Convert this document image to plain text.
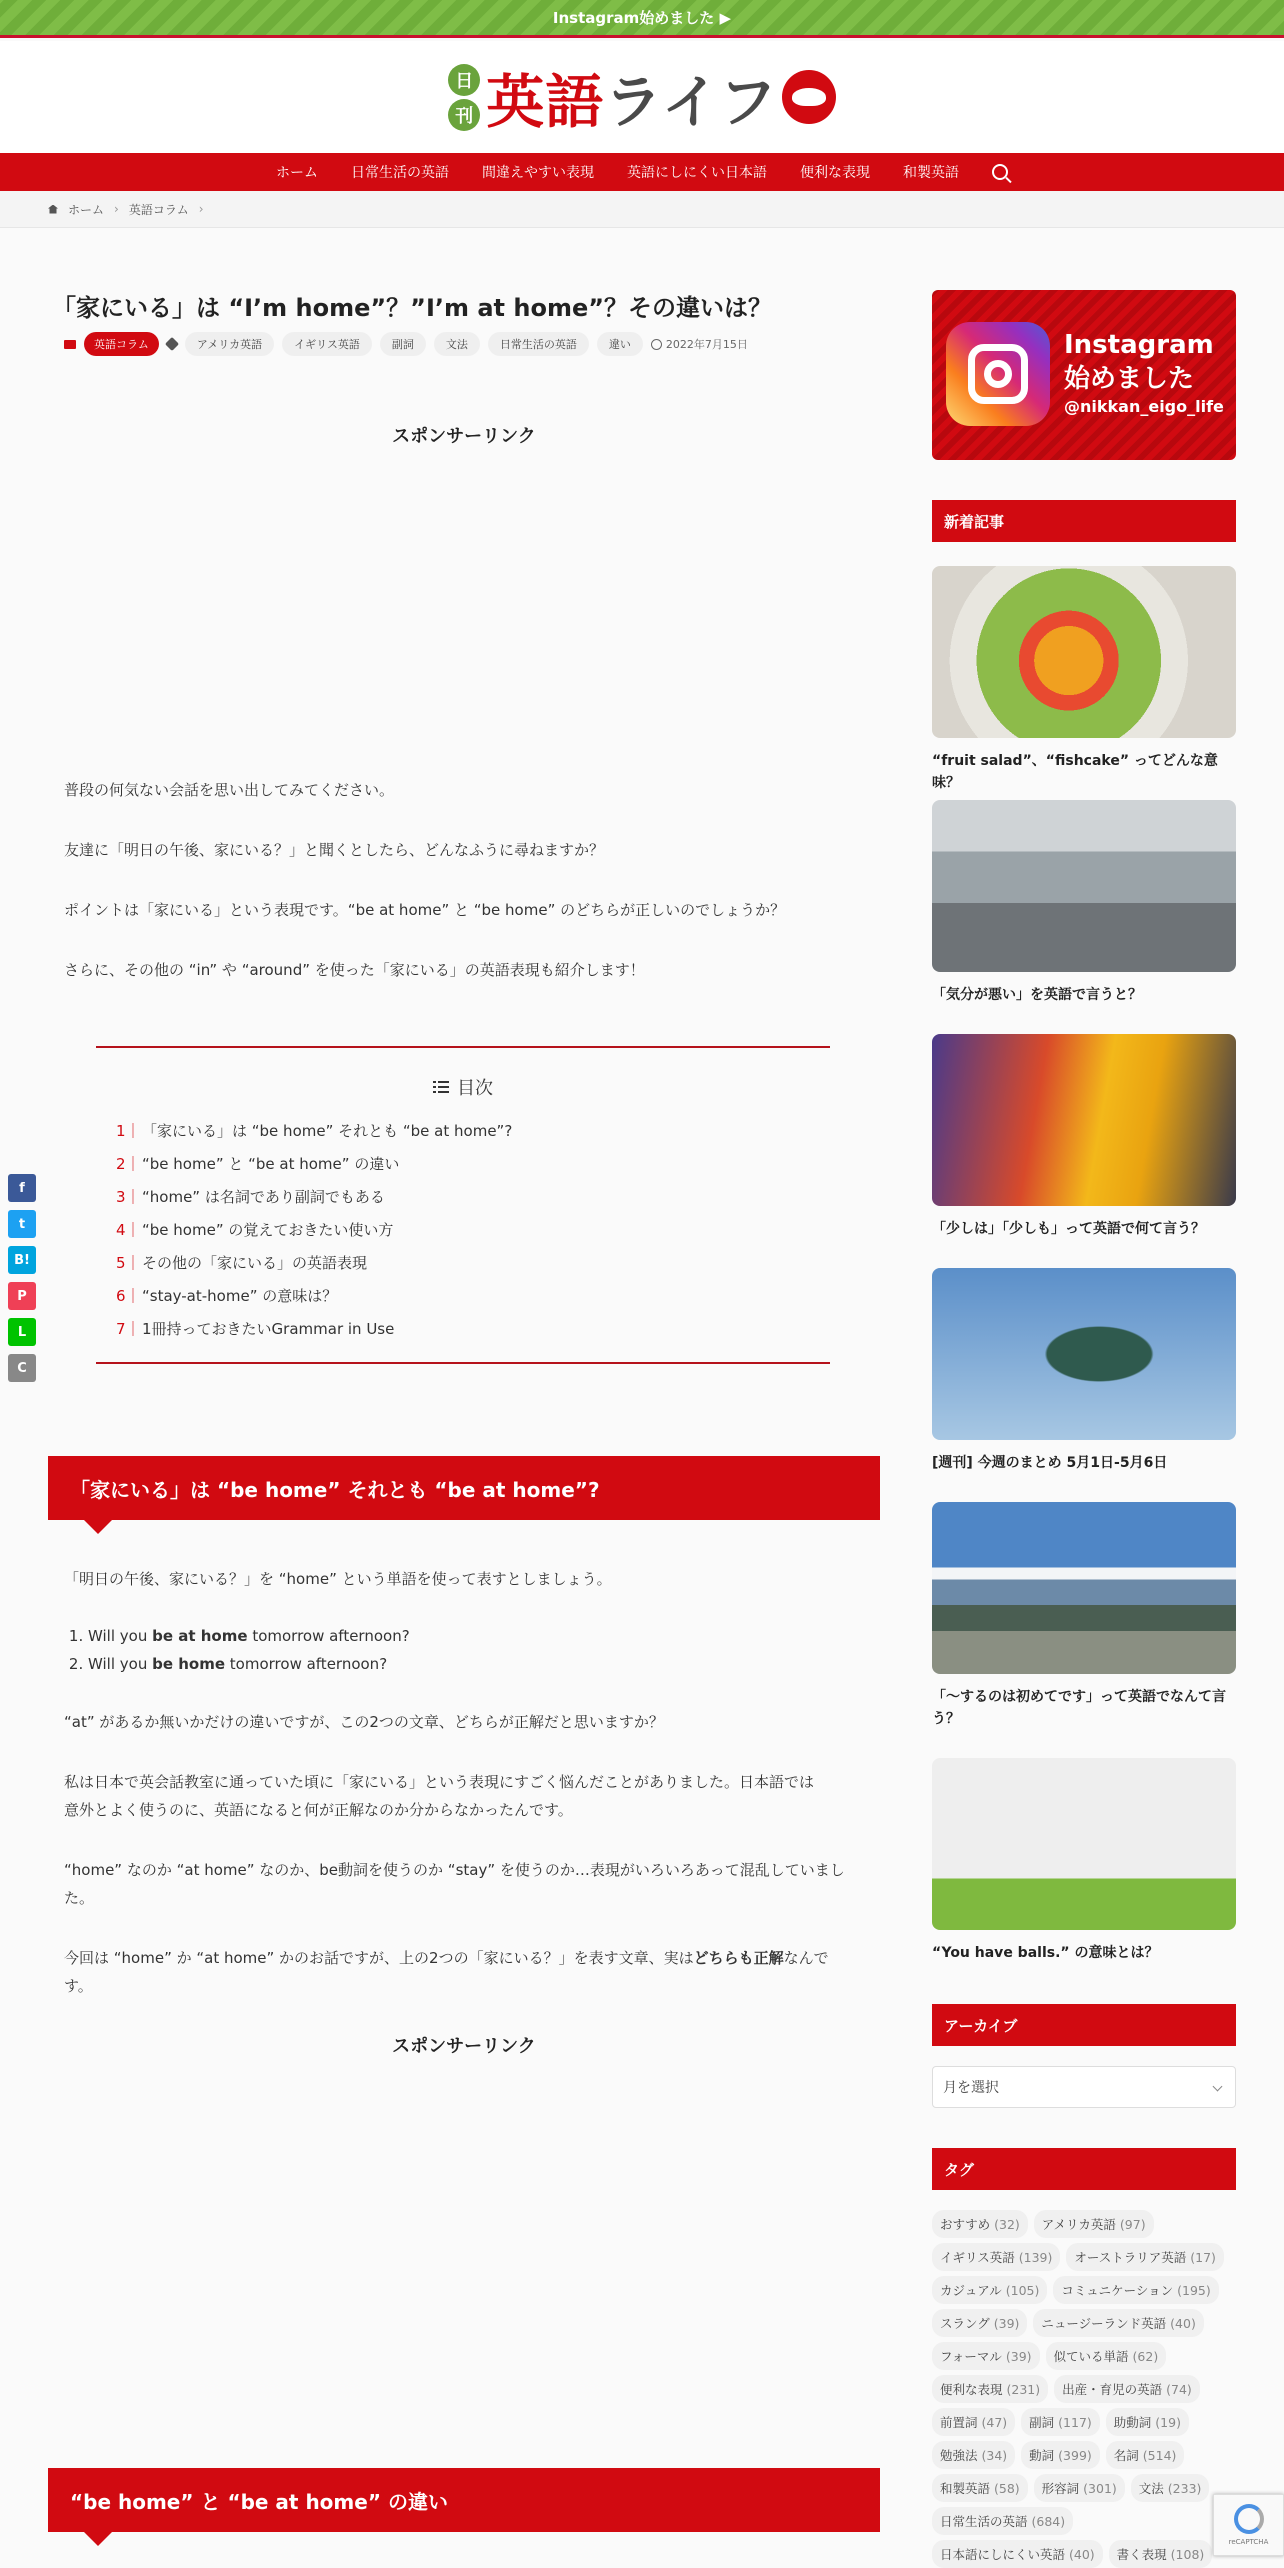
Instagram始めました ▶
日
刊 英語ライフ
ホーム 日常生活の英語 間違えやすい表現 英語にしにくい日本語 便利な表現 和製英語
ホーム › 英語コラム ›
「家にいる」は “I’m home”？”I’m at home”？その違いは？
英語コラム	アメリカ英語	イギリス英語	副詞	文法	日常生活の英語	違い	2022年7月15日
スポンサーリンク

普段の何気ない会話を思い出してみてください。

友達に「明日の午後、家にいる？」と聞くとしたら、どんなふうに尋ねますか？

ポイントは「家にいる」という表現です。“be at home” と “be home” のどちらが正しいのでしょうか？

さらに、その他の “in” や “around” を使った「家にいる」の英語表現も紹介します！

目次
1｜ 「家にいる」は “be home” それとも “be at home”?
2｜ “be home” と “be at home” の違い
3｜ “home” は名詞であり副詞でもある
4｜ “be home” の覚えておきたい使い方
5｜ その他の「家にいる」の英語表現
6｜ “stay-at-home” の意味は？
7｜ 1冊持っておきたいGrammar in Use
「家にいる」は “be home” それとも “be at home”?

「明日の午後、家にいる？」を “home” という単語を使って表すとしましょう。

1. Will you be at home tomorrow afternoon?
2. Will you be home tomorrow afternoon?

“at” があるか無いかだけの違いですが、この2つの文章、どちらが正解だと思いますか？

私は日本で英会話教室に通っていた頃に「家にいる」という表現にすごく悩んだことがありました。日本語では

意外とよく使うのに、英語になると何が正解なのか分からなかったんです。

“home” なのか “at home” なのか、be動詞を使うのか “stay” を使うのか…表現がいろいろあって混乱していまし

た。

今回は “home” か “at home” かのお話ですが、上の2つの「家にいる？」を表す文章、実はどちらも正解なんで

す。

スポンサーリンク
“be home” と “be at home” の違い
f
t
B!
P
L
C
Instagram
始めました
@nikkan_eigo_life
新着記事
“fruit salad”、“fishcake” ってどんな意味？
「気分が悪い」を英語で言うと？
「少しは」「少しも」って英語で何て言う？
[週刊] 今週のまとめ 5月1日-5月6日
「〜するのは初めてです」って英語でなんて言う？
“You have balls.” の意味とは？
アーカイブ
月を選択
タグ
おすすめ (32)	アメリカ英語 (97)
イギリス英語 (139)	オーストラリア英語 (17)
カジュアル (105)	コミュニケーション (195)
スラング (39)	ニュージーランド英語 (40)
フォーマル (39)	似ている単語 (62)
便利な表現 (231)	出産・育児の英語 (74)
前置詞 (47)	副詞 (117)	助動詞 (19)
勉強法 (34)	動詞 (399)	名詞 (514)
和製英語 (58)	形容詞 (301)	文法 (233)
日常生活の英語 (684)
日本語にしにくい英語 (40)	書く表現 (108)
reCAPTCHA
